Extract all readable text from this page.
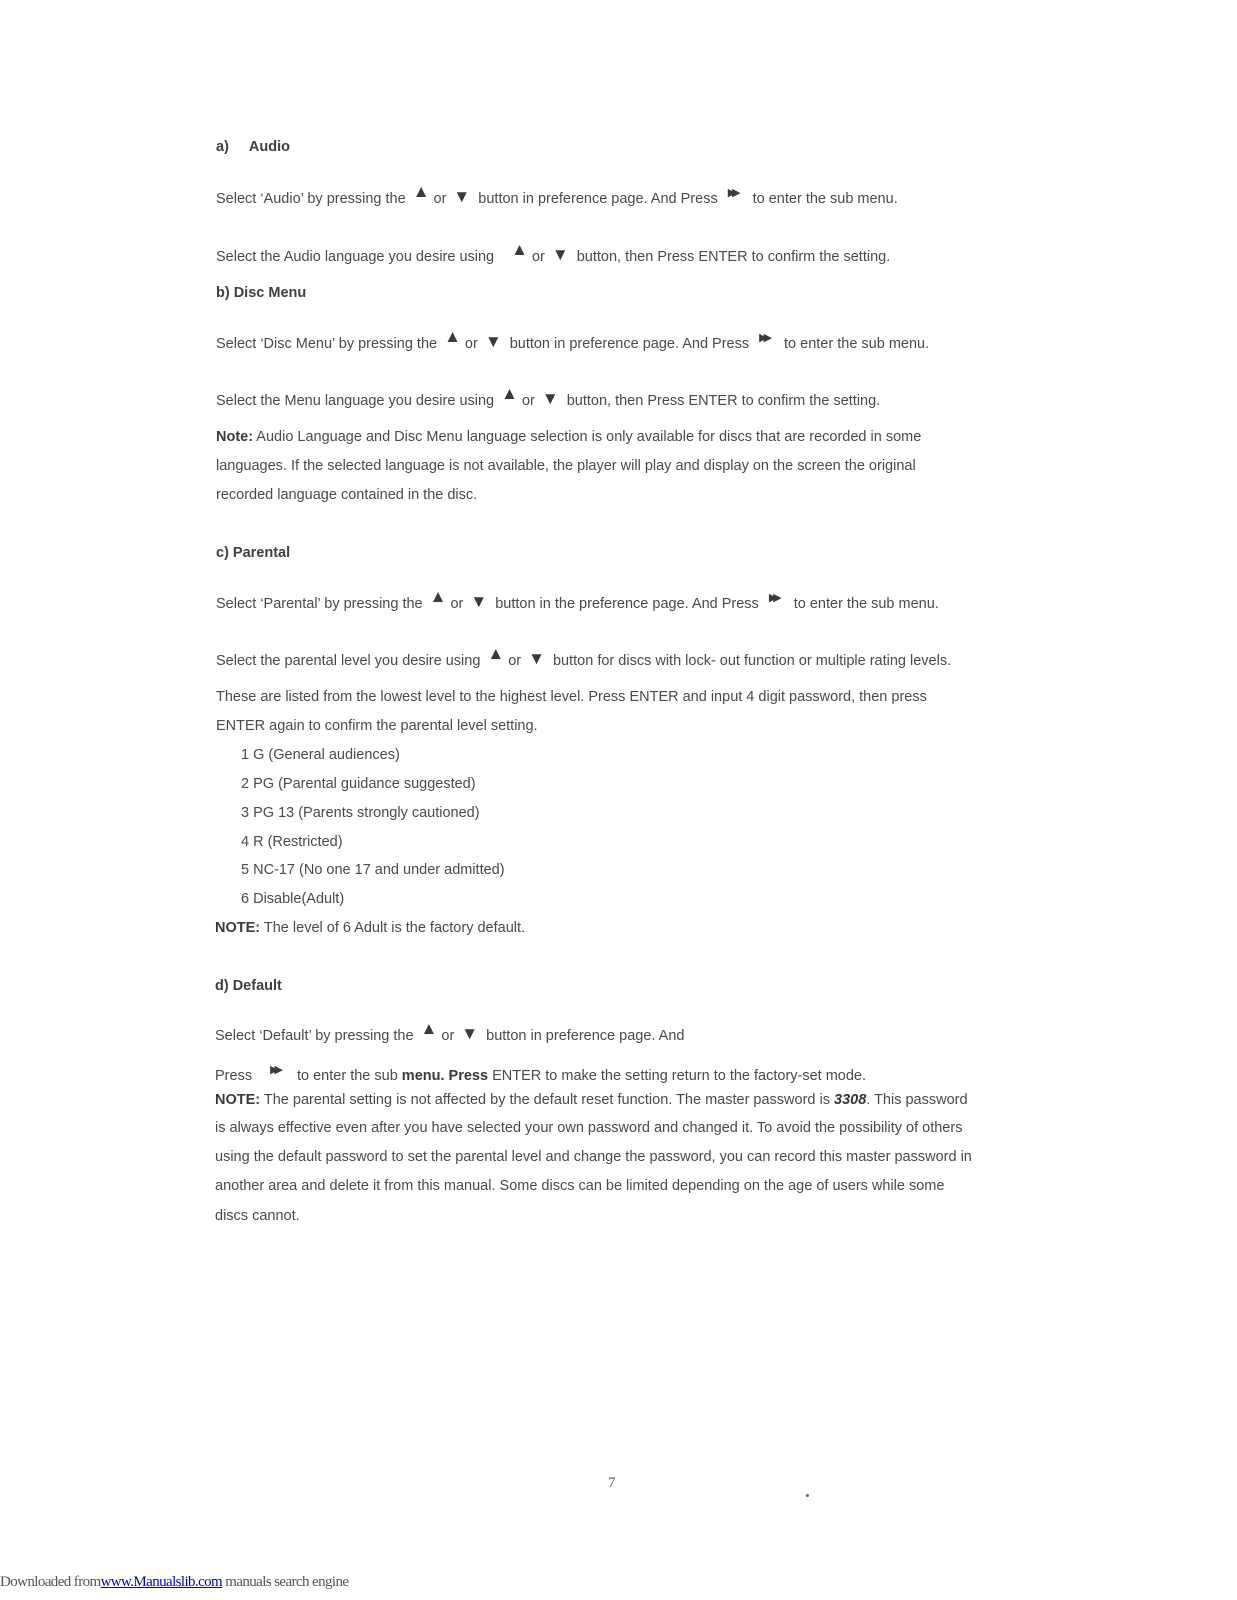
a) Audio
Select ‘Audio’ by pressing the ▲ or ▼ button in preference page. And Press ▶▶ to enter the sub menu.
Select the Audio language you desire using ▲ or ▼ button, then Press ENTER to confirm the setting.
b) Disc Menu
Select ‘Disc Menu’ by pressing the ▲ or ▼ button in preference page. And Press ▶▶ to enter the sub menu.
Select the Menu language you desire using ▲ or ▼ button, then Press ENTER to confirm the setting.
Note: Audio Language and Disc Menu language selection is only available for discs that are recorded in some
languages. If the selected language is not available, the player will play and display on the screen the original
recorded language contained in the disc.
c) Parental
Select ‘Parental’ by pressing the ▲ or ▼ button in the preference page. And Press ▶▶ to enter the sub menu.
Select the parental level you desire using ▲ or ▼ button for discs with lock- out function or multiple rating levels.
These are listed from the lowest level to the highest level. Press ENTER and input 4 digit password, then press
ENTER again to confirm the parental level setting.
1 G (General audiences)
2 PG (Parental guidance suggested)
3 PG 13 (Parents strongly cautioned)
4 R (Restricted)
5 NC-17 (No one 17 and under admitted)
6 Disable(Adult)
NOTE: The level of 6 Adult is the factory default.
d) Default
Select ‘Default’ by pressing the ▲ or ▼ button in preference page. And
Press ▶▶ to enter the sub menu. Press ENTER to make the setting return to the factory-set mode.
NOTE: The parental setting is not affected by the default reset function. The master password is 3308. This password
is always effective even after you have selected your own password and changed it. To avoid the possibility of others
using the default password to set the parental level and change the password, you can record this master password in
another area and delete it from this manual. Some discs can be limited depending on the age of users while some
discs cannot.
7
Downloaded fromwww.Manualslib.com manuals search engine
